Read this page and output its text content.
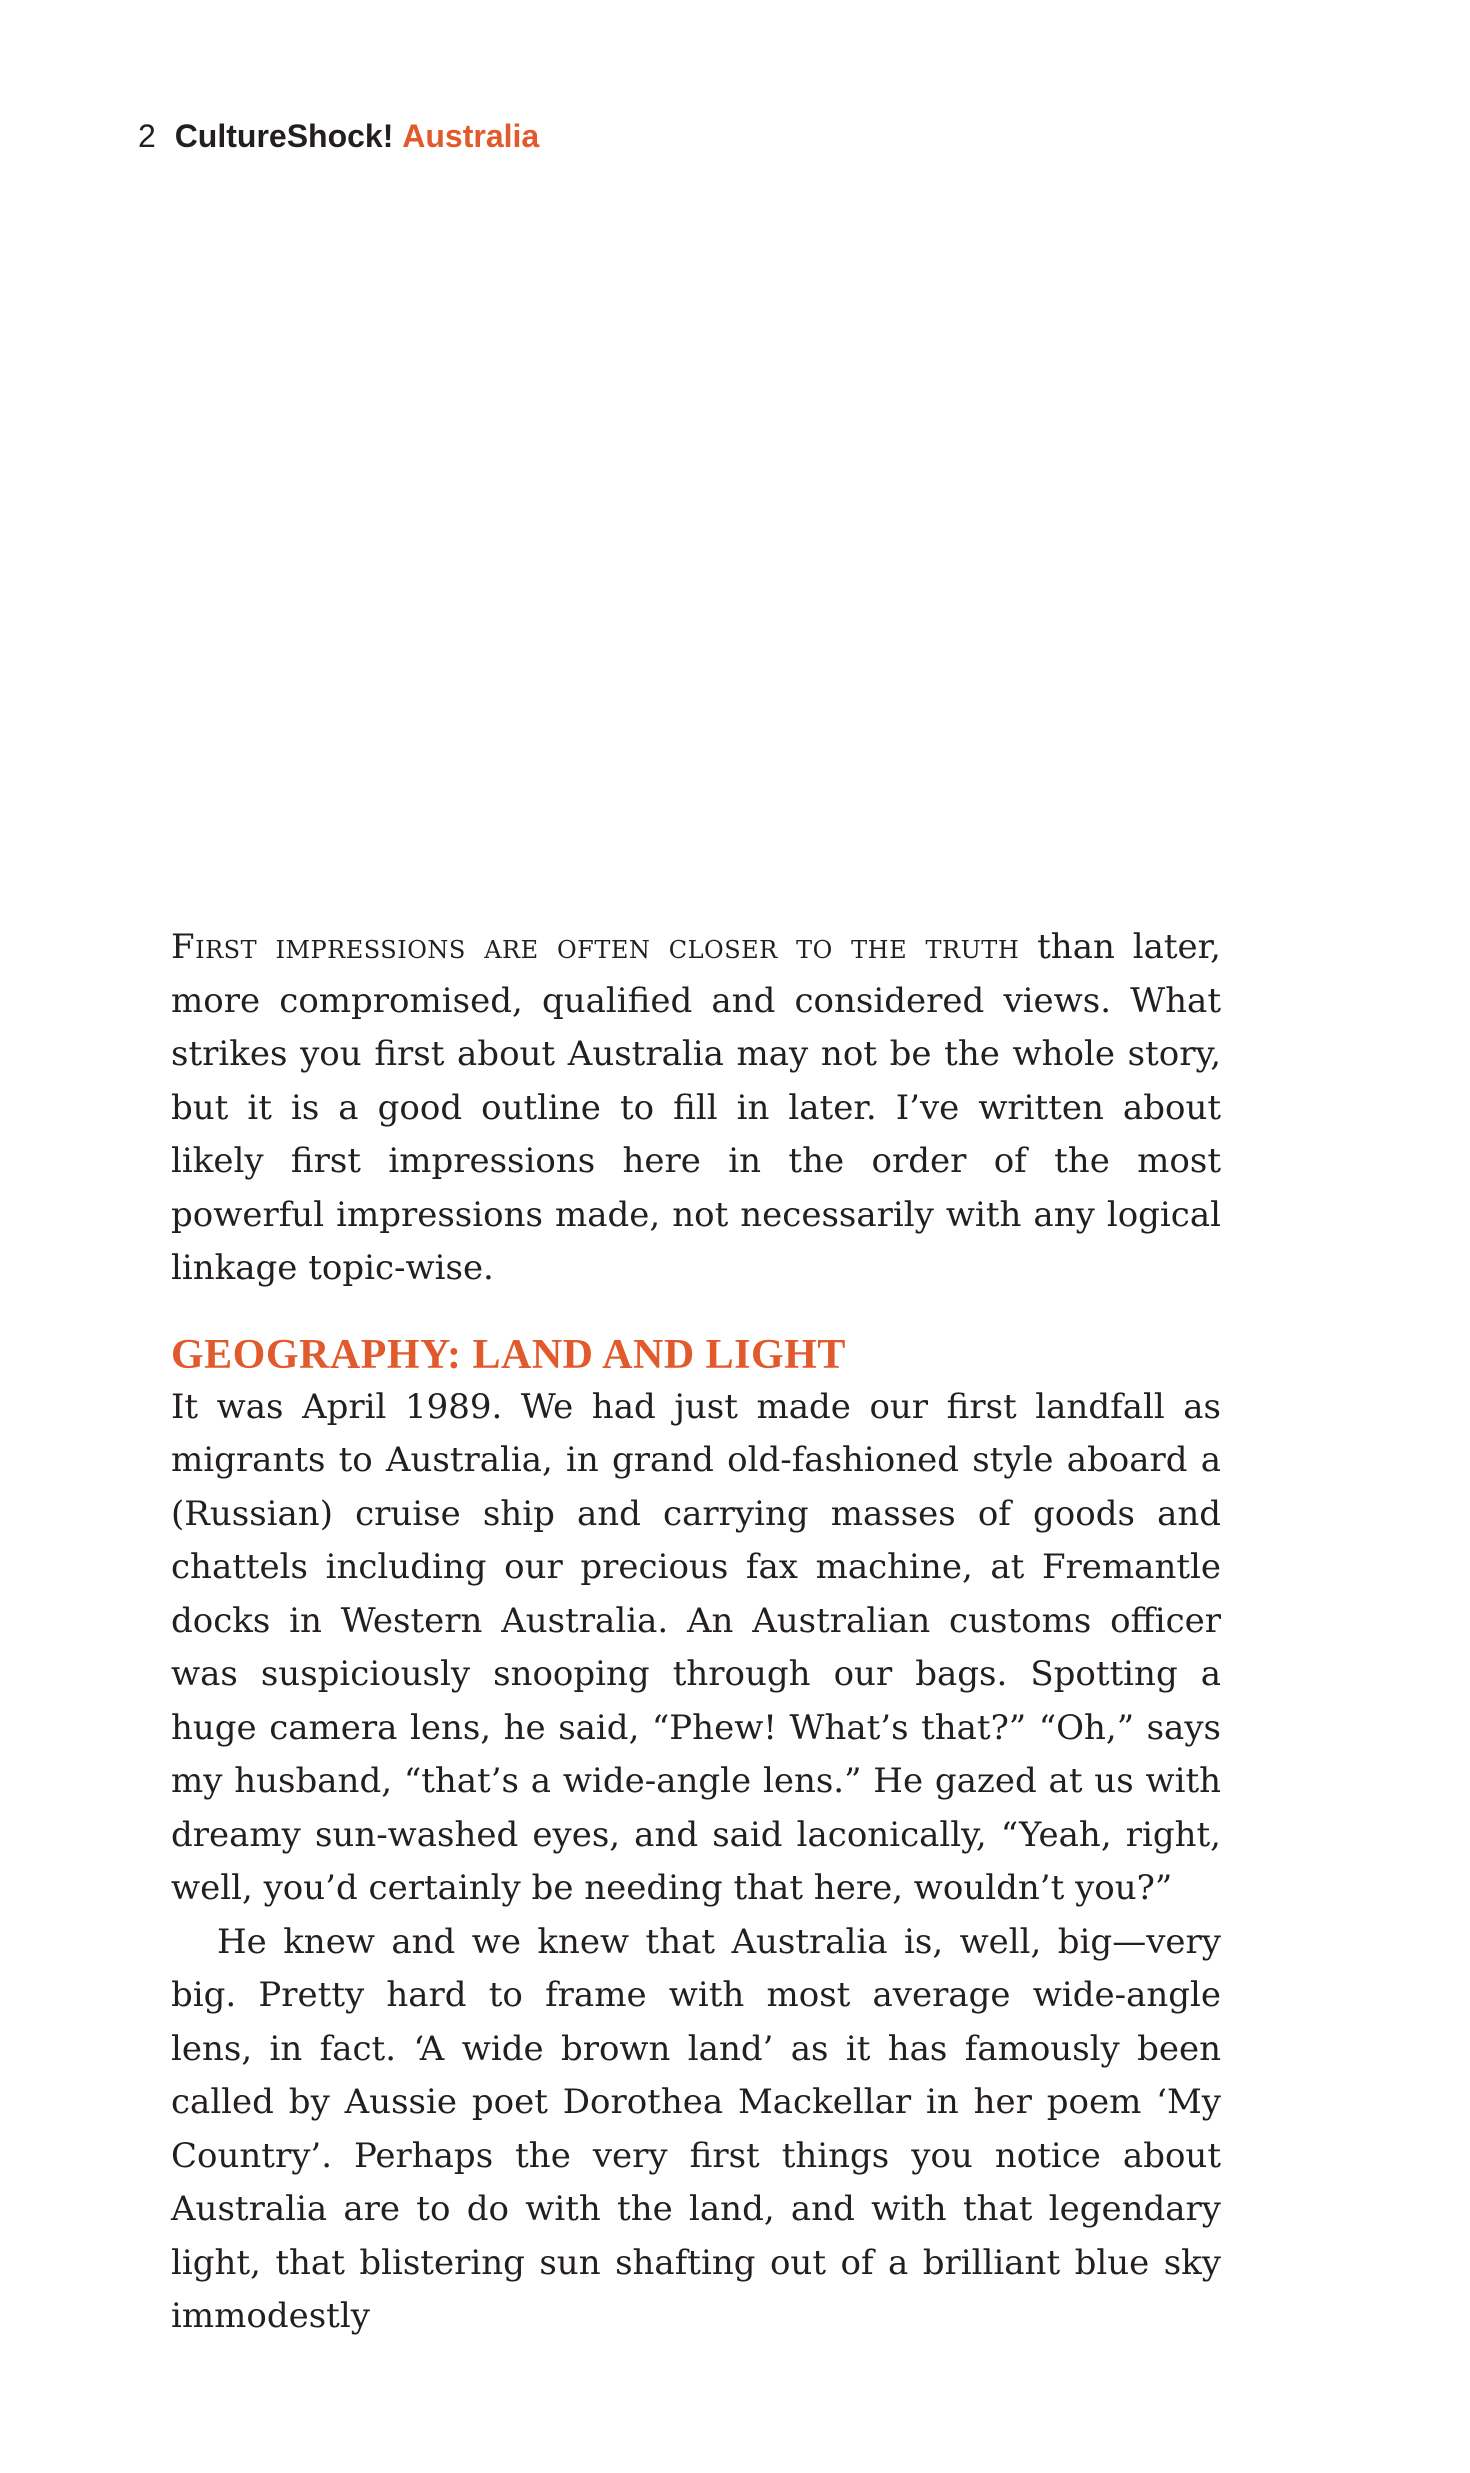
2 CultureShock! Australia

First impressions are often closer to the truth than later, more compromised, qualified and considered views. What strikes you first about Australia may not be the whole story, but it is a good outline to fill in later. I’ve written about likely first impressions here in the order of the most powerful impressions made, not necessarily with any logical linkage topic-wise.

GEOGRAPHY: LAND AND LIGHT

It was April 1989. We had just made our first landfall as migrants to Australia, in grand old-fashioned style aboard a (Russian) cruise ship and carrying masses of goods and chattels including our precious fax machine, at Fremantle docks in Western Australia. An Australian customs officer was suspiciously snooping through our bags. Spotting a huge camera lens, he said, “Phew! What’s that?” “Oh,” says my husband, “that’s a wide-angle lens.” He gazed at us with dreamy sun-washed eyes, and said laconically, “Yeah, right, well, you’d certainly be needing that here, wouldn’t you?”

He knew and we knew that Australia is, well, big—very big. Pretty hard to frame with most average wide-angle lens, in fact. ‘A wide brown land’ as it has famously been called by Aussie poet Dorothea Mackellar in her poem ‘My Country’. Perhaps the very first things you notice about Australia are to do with the land, and with that legendary light, that blistering sun shafting out of a brilliant blue sky immodestly
